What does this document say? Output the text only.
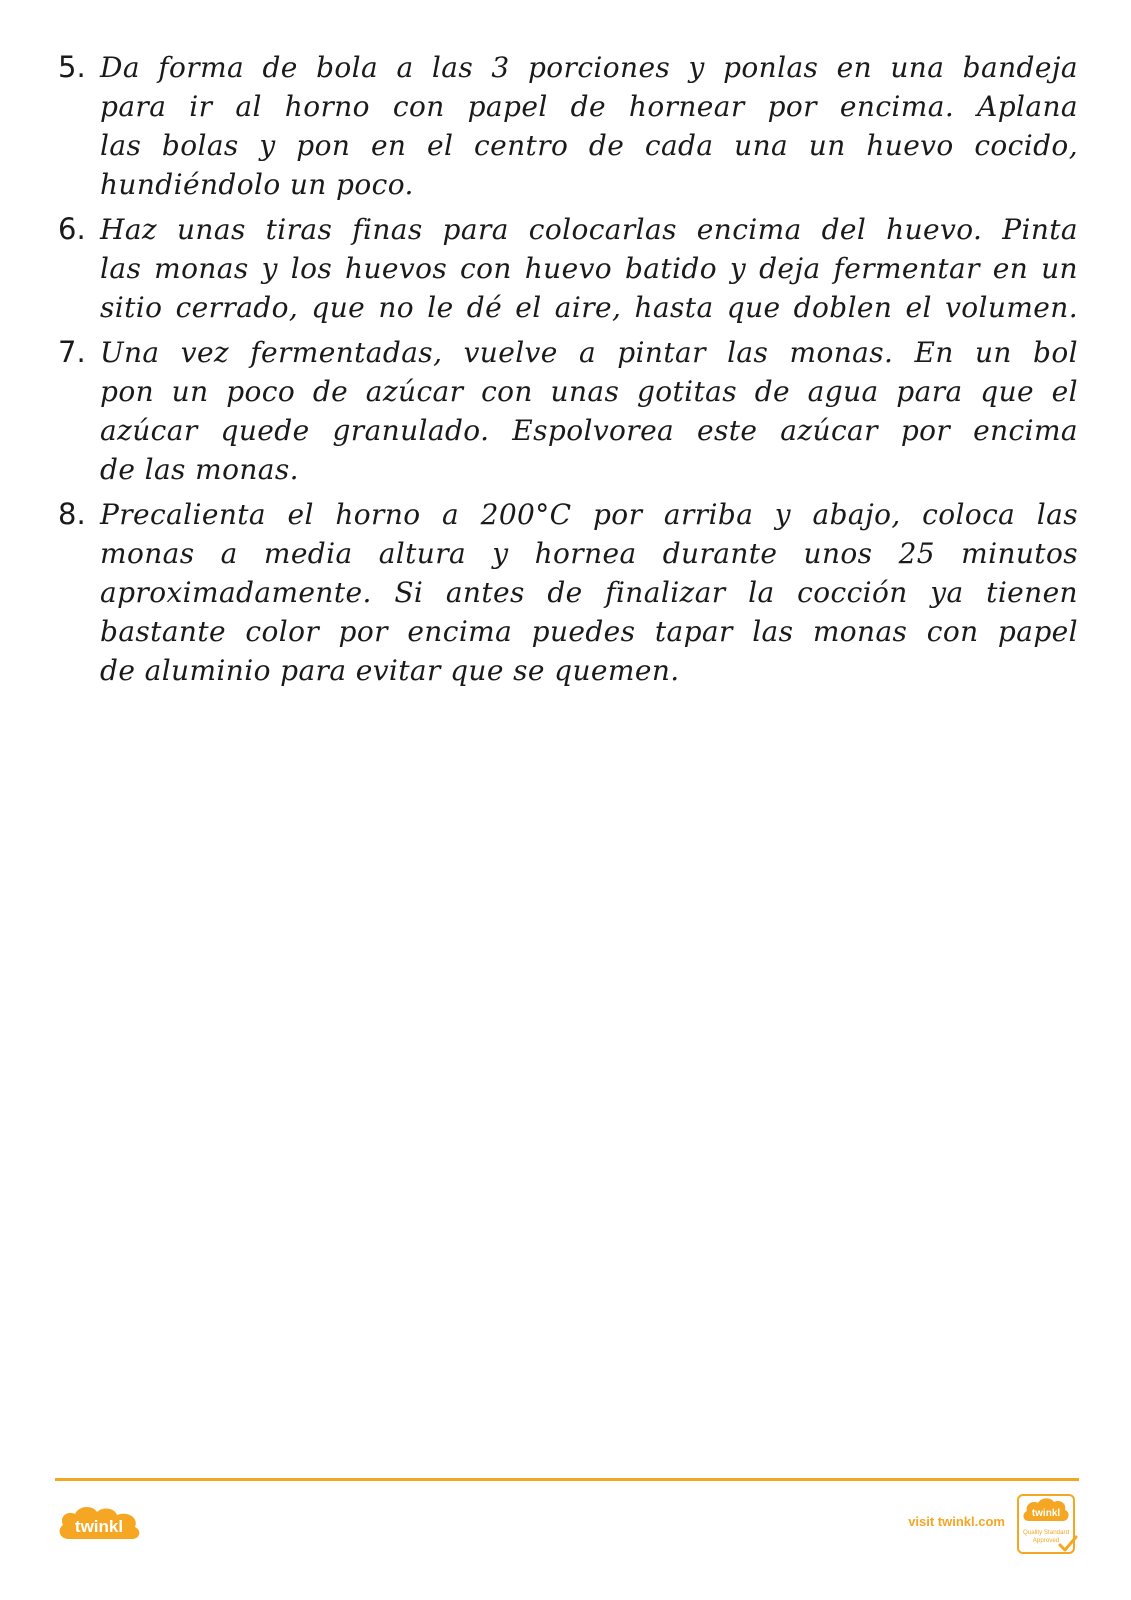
5. Da forma de bola a las 3 porciones y ponlas en una bandeja
para ir al horno con papel de hornear por encima. Aplana
las bolas y pon en el centro de cada una un huevo cocido,
hundiéndolo un poco.
6. Haz unas tiras finas para colocarlas encima del huevo. Pinta
las monas y los huevos con huevo batido y deja fermentar en un
sitio cerrado, que no le dé el aire, hasta que doblen el volumen.
7. Una vez fermentadas, vuelve a pintar las monas. En un bol
pon un poco de azúcar con unas gotitas de agua para que el
azúcar quede granulado. Espolvorea este azúcar por encima
de las monas.
8. Precalienta el horno a 200°C por arriba y abajo, coloca las
monas a media altura y hornea durante unos 25 minutos
aproximadamente. Si antes de finalizar la cocción ya tienen
bastante color por encima puedes tapar las monas con papel
de aluminio para evitar que se quemen.
twinkl	visit twinkl.com
twinkl
Quality Standard
Approved
